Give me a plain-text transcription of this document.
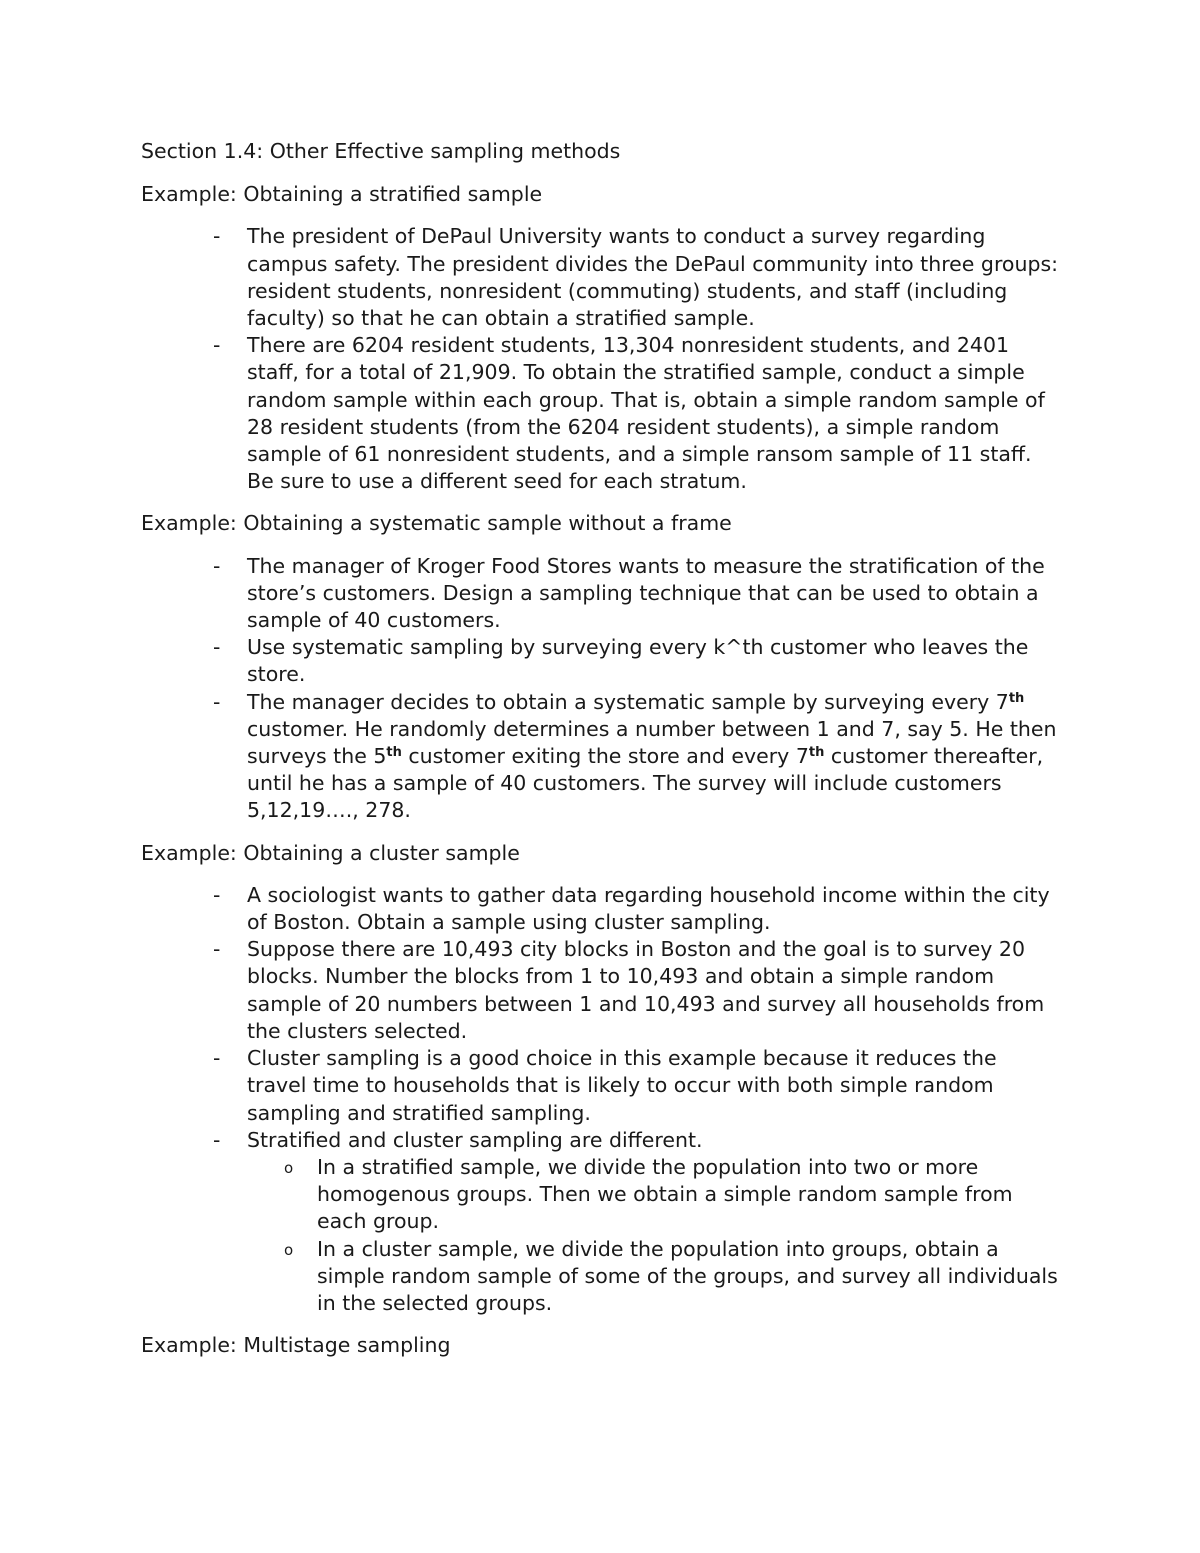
Section 1.4: Other Effective sampling methods
Example: Obtaining a stratified sample
- The president of DePaul University wants to conduct a survey regarding campus safety. The president divides the DePaul community into three groups: resident students, nonresident (commuting) students, and staff (including faculty) so that he can obtain a stratified sample.
- There are 6204 resident students, 13,304 nonresident students, and 2401 staff, for a total of 21,909. To obtain the stratified sample, conduct a simple random sample within each group. That is, obtain a simple random sample of 28 resident students (from the 6204 resident students), a simple random sample of 61 nonresident students, and a simple ransom sample of 11 staff. Be sure to use a different seed for each stratum.
Example: Obtaining a systematic sample without a frame
- The manager of Kroger Food Stores wants to measure the stratification of the store’s customers. Design a sampling technique that can be used to obtain a sample of 40 customers.
- Use systematic sampling by surveying every k^th customer who leaves the store.
- The manager decides to obtain a systematic sample by surveying every 7th customer. He randomly determines a number between 1 and 7, say 5. He then surveys the 5th customer exiting the store and every 7th customer thereafter, until he has a sample of 40 customers. The survey will include customers 5,12,19…., 278.
Example: Obtaining a cluster sample
- A sociologist wants to gather data regarding household income within the city of Boston. Obtain a sample using cluster sampling.
- Suppose there are 10,493 city blocks in Boston and the goal is to survey 20 blocks. Number the blocks from 1 to 10,493 and obtain a simple random sample of 20 numbers between 1 and 10,493 and survey all households from the clusters selected.
- Cluster sampling is a good choice in this example because it reduces the travel time to households that is likely to occur with both simple random sampling and stratified sampling.
- Stratified and cluster sampling are different.
o In a stratified sample, we divide the population into two or more homogenous groups. Then we obtain a simple random sample from each group.
o In a cluster sample, we divide the population into groups, obtain a simple random sample of some of the groups, and survey all individuals in the selected groups.
Example: Multistage sampling
